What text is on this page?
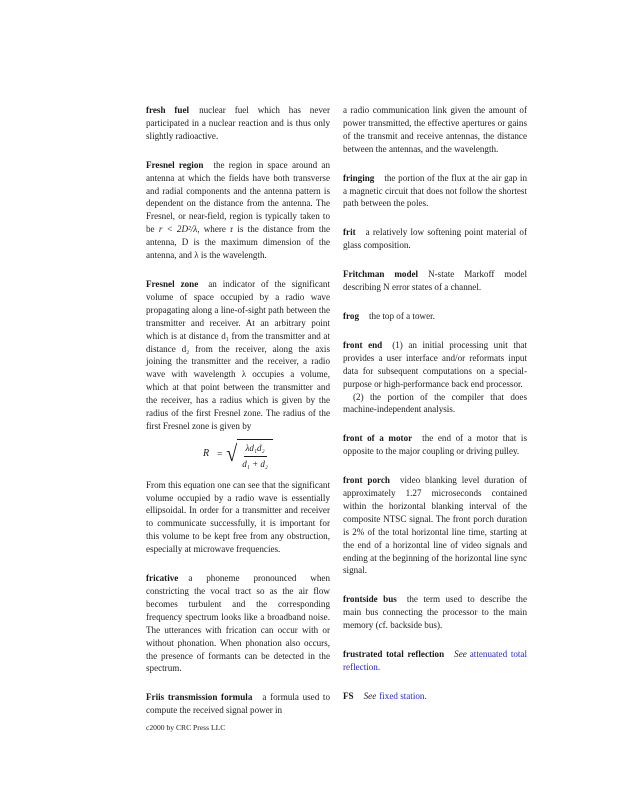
fresh fuel nuclear fuel which has never participated in a nuclear reaction and is thus only slightly radioactive.
Fresnel region the region in space around an antenna at which the fields have both transverse and radial components and the antenna pattern is dependent on the distance from the antenna. The Fresnel, or near-field, region is typically taken to be r < 2D²/λ, where r is the distance from the antenna, D is the maximum dimension of the antenna, and λ is the wavelength.
Fresnel zone an indicator of the significant volume of space occupied by a radio wave propagating along a line-of-sight path between the transmitter and receiver. At an arbitrary point which is at distance d₁ from the transmitter and at distance d₂ from the receiver, along the axis joining the transmitter and the receiver, a radio wave with wavelength λ occupies a volume, which at that point between the transmitter and the receiver, has a radius which is given by the radius of the first Fresnel zone. The radius of the first Fresnel zone is given by
R = √ $\frac{\text{λd₁d₂}}{\text{d₁ + d₂}}$
From this equation one can see that the significant volume occupied by a radio wave is essentially ellipsoidal. In order for a transmitter and receiver to communicate successfully, it is important for this volume to be kept free from any obstruction, especially at microwave frequencies.
fricative a phoneme pronounced when constricting the vocal tract so as the air flow becomes turbulent and the corresponding frequency spectrum looks like a broadband noise. The utterances with frication can occur with or without phonation. When phonation also occurs, the presence of formants can be detected in the spectrum.
Friis transmission formula a formula used to compute the received signal power in
a radio communication link given the amount of power transmitted, the effective apertures or gains of the transmit and receive antennas, the distance between the antennas, and the wavelength.
fringing the portion of the flux at the air gap in a magnetic circuit that does not follow the shortest path between the poles.
frit a relatively low softening point material of glass composition.
Fritchman model N-state Markoff model describing N error states of a channel.
frog the top of a tower.
front end (1) an initial processing unit that provides a user interface and/or reformats input data for subsequent computations on a special-purpose or high-performance back end processor.
(2) the portion of the compiler that does machine-independent analysis.
front of a motor the end of a motor that is opposite to the major coupling or driving pulley.
front porch video blanking level duration of approximately 1.27 microseconds contained within the horizontal blanking interval of the composite NTSC signal. The front porch duration is 2% of the total horizontal line time, starting at the end of a horizontal line of video signals and ending at the beginning of the horizontal line sync signal.
frontside bus the term used to describe the main bus connecting the processor to the main memory (cf. backside bus).
frustrated total reflection See attenuated total reflection.
FS See fixed station.
c2000 by CRC Press LLC
